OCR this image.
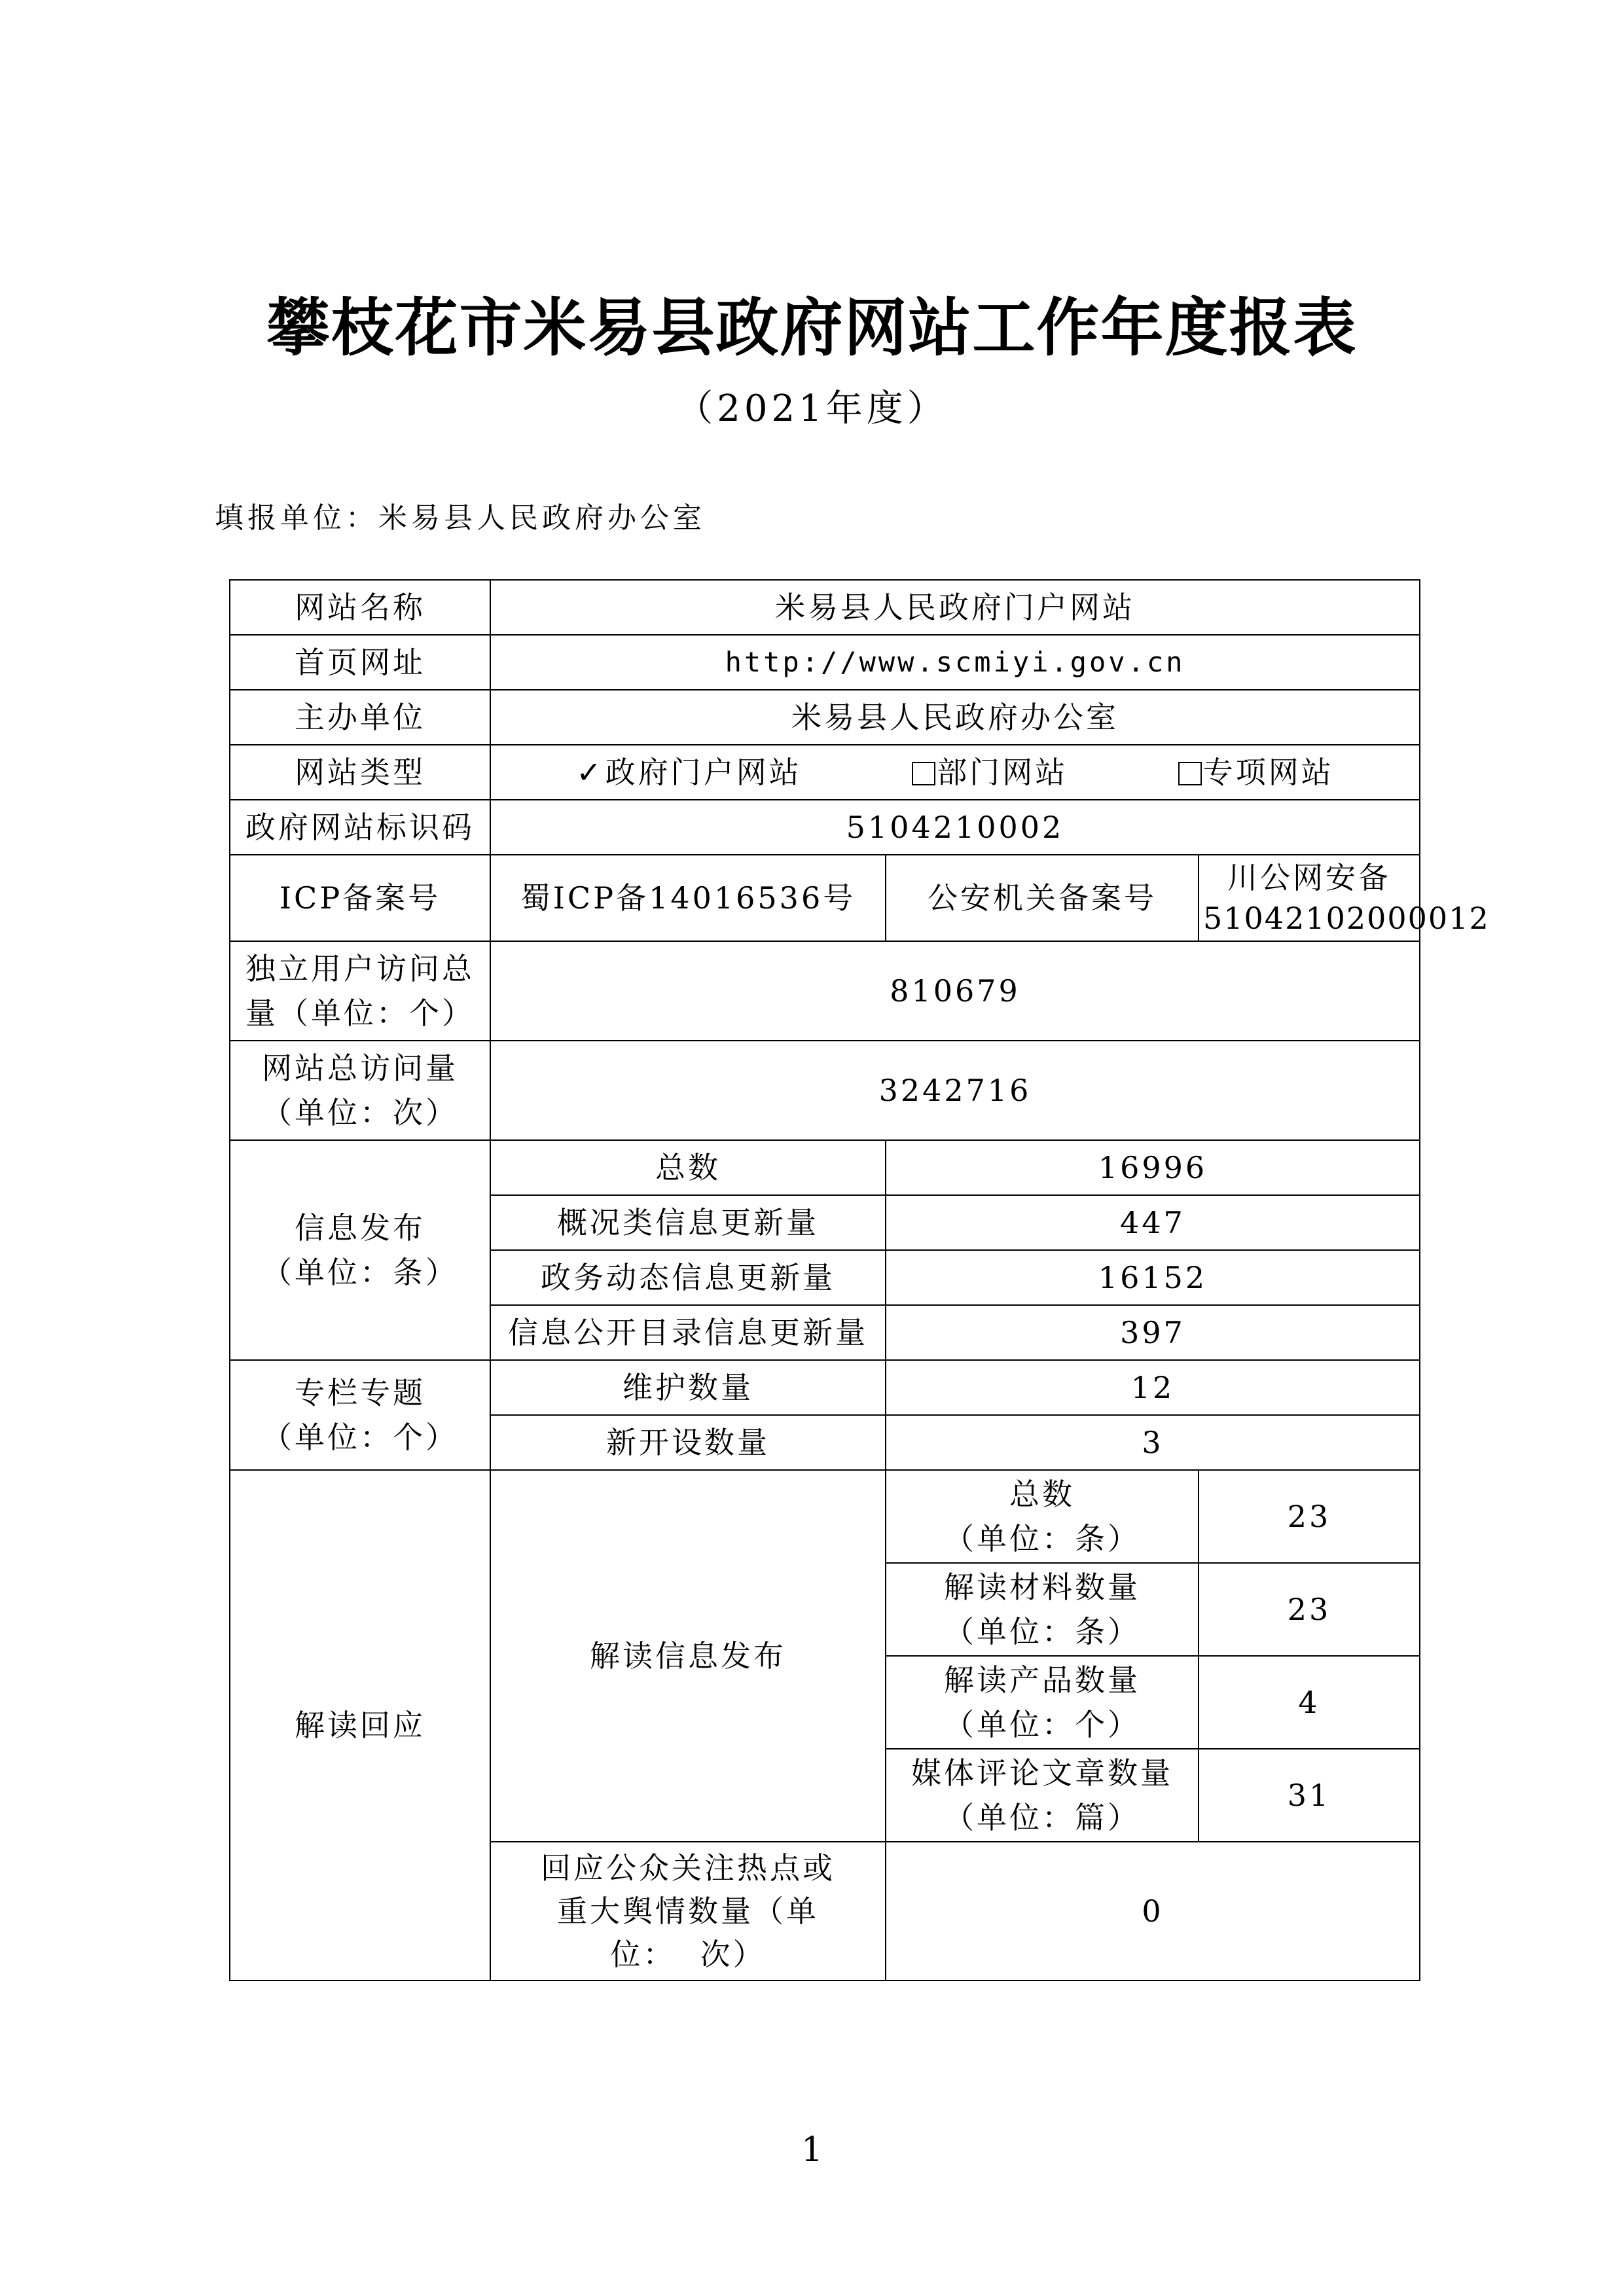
攀枝花市米易县政府网站工作年度报表
（2021年度）
填报单位：米易县人民政府办公室
网站名称	米易县人民政府门户网站		
首页网址	http://www.scmiyi.gov.cn		
主办单位	米易县人民政府办公室		
网站类型	✓政府门户网站 部门网站 专项网站		

政府网站标识码	5104210002		
ICP备案号	蜀ICP备14016536号	公安机关备案号	川公网安备
51042102000012

独立用户访问总
量（单位：个）	810679		

网站总访问量
（单位：次）	3242716		

信息发布
（单位：条）	总数	16996	
	概况类信息更新量	447	
	政务动态信息更新量	16152	
	信息公开目录信息更新量	397	

专栏专题
（单位：个）	维护数量	12	
	新开设数量	3	
解读回应	解读信息发布	总数
（单位：条）	23

		解读材料数量
（单位：条）	23

		解读产品数量
（单位：个）	4

		媒体评论文章数量
（单位：篇）	31

	回应公众关注热点或
重大舆情数量（单
位：  次）	0	
1
